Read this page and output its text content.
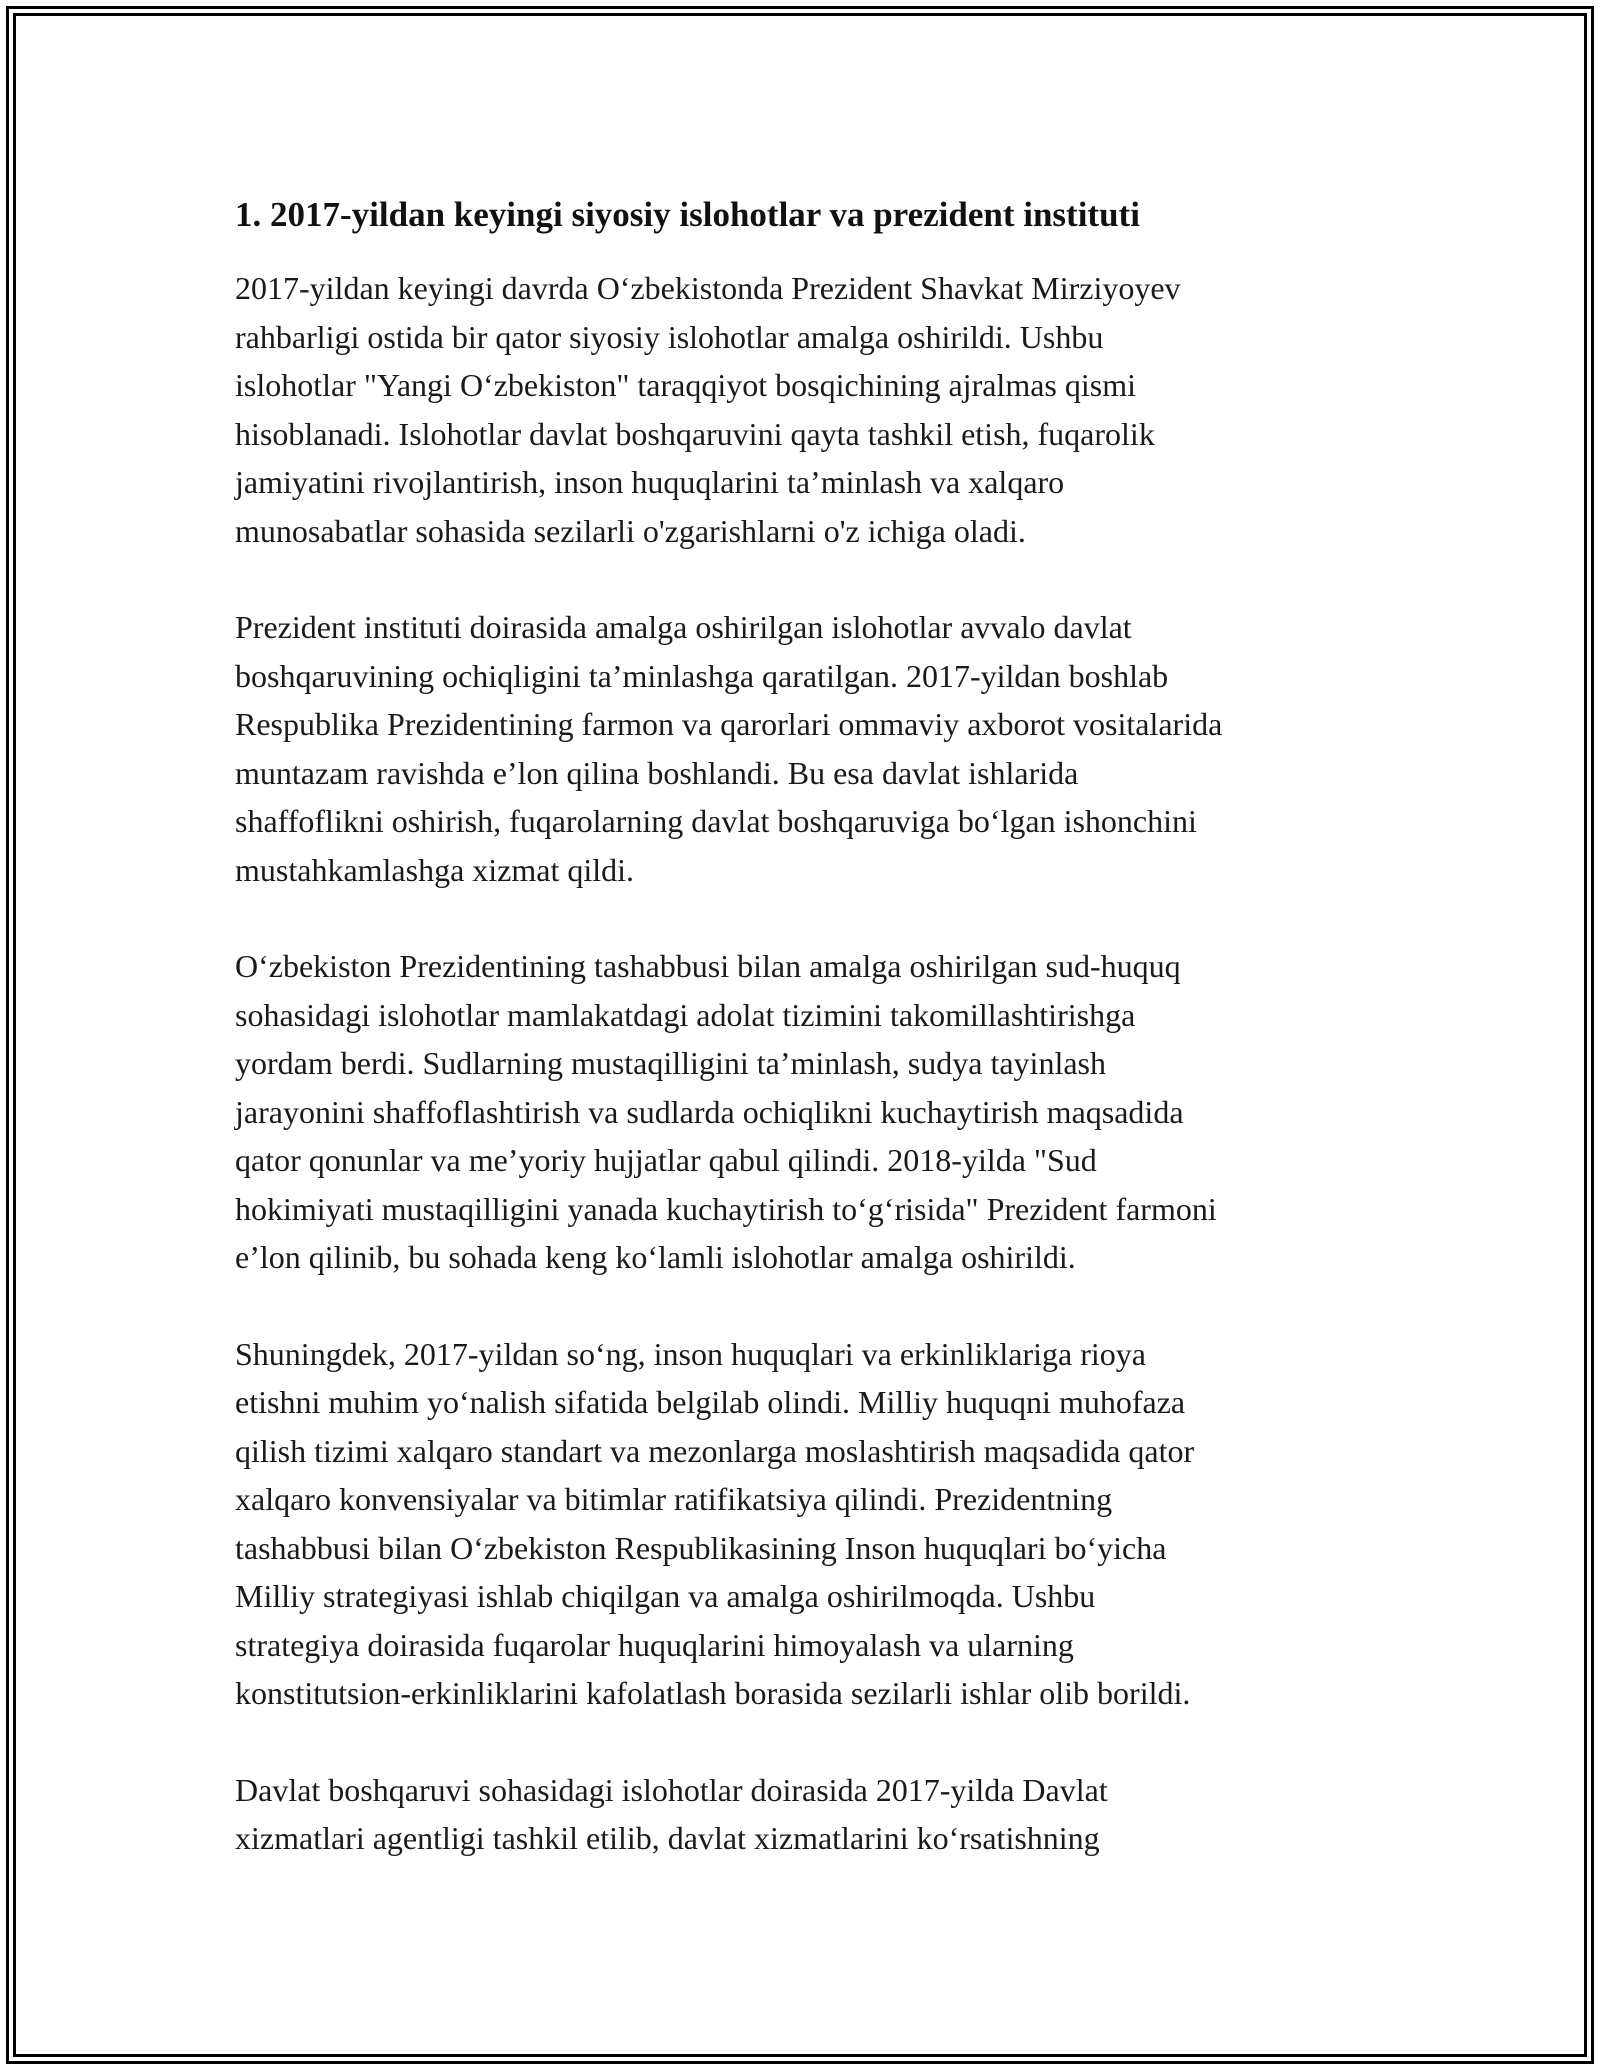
1. 2017-yildan keyingi siyosiy islohotlar va prezident instituti
2017-yildan keyingi davrda O‘zbekistonda Prezident Shavkat Mirziyoyev
rahbarligi ostida bir qator siyosiy islohotlar amalga oshirildi. Ushbu
islohotlar "Yangi O‘zbekiston" taraqqiyot bosqichining ajralmas qismi
hisoblanadi. Islohotlar davlat boshqaruvini qayta tashkil etish, fuqarolik
jamiyatini rivojlantirish, inson huquqlarini ta’minlash va xalqaro
munosabatlar sohasida sezilarli o'zgarishlarni o'z ichiga oladi.
Prezident instituti doirasida amalga oshirilgan islohotlar avvalo davlat
boshqaruvining ochiqligini ta’minlashga qaratilgan. 2017-yildan boshlab
Respublika Prezidentining farmon va qarorlari ommaviy axborot vositalarida
muntazam ravishda e’lon qilina boshlandi. Bu esa davlat ishlarida
shaffoflikni oshirish, fuqarolarning davlat boshqaruviga bo‘lgan ishonchini
mustahkamlashga xizmat qildi.
O‘zbekiston Prezidentining tashabbusi bilan amalga oshirilgan sud-huquq
sohasidagi islohotlar mamlakatdagi adolat tizimini takomillashtirishga
yordam berdi. Sudlarning mustaqilligini ta’minlash, sudya tayinlash
jarayonini shaffoflashtirish va sudlarda ochiqlikni kuchaytirish maqsadida
qator qonunlar va me’yoriy hujjatlar qabul qilindi. 2018-yilda "Sud
hokimiyati mustaqilligini yanada kuchaytirish to‘g‘risida" Prezident farmoni
e’lon qilinib, bu sohada keng ko‘lamli islohotlar amalga oshirildi.
Shuningdek, 2017-yildan so‘ng, inson huquqlari va erkinliklariga rioya
etishni muhim yo‘nalish sifatida belgilab olindi. Milliy huquqni muhofaza
qilish tizimi xalqaro standart va mezonlarga moslashtirish maqsadida qator
xalqaro konvensiyalar va bitimlar ratifikatsiya qilindi. Prezidentning
tashabbusi bilan O‘zbekiston Respublikasining Inson huquqlari bo‘yicha
Milliy strategiyasi ishlab chiqilgan va amalga oshirilmoqda. Ushbu
strategiya doirasida fuqarolar huquqlarini himoyalash va ularning
konstitutsion-erkinliklarini kafolatlash borasida sezilarli ishlar olib borildi.
Davlat boshqaruvi sohasidagi islohotlar doirasida 2017-yilda Davlat
xizmatlari agentligi tashkil etilib, davlat xizmatlarini ko‘rsatishning
